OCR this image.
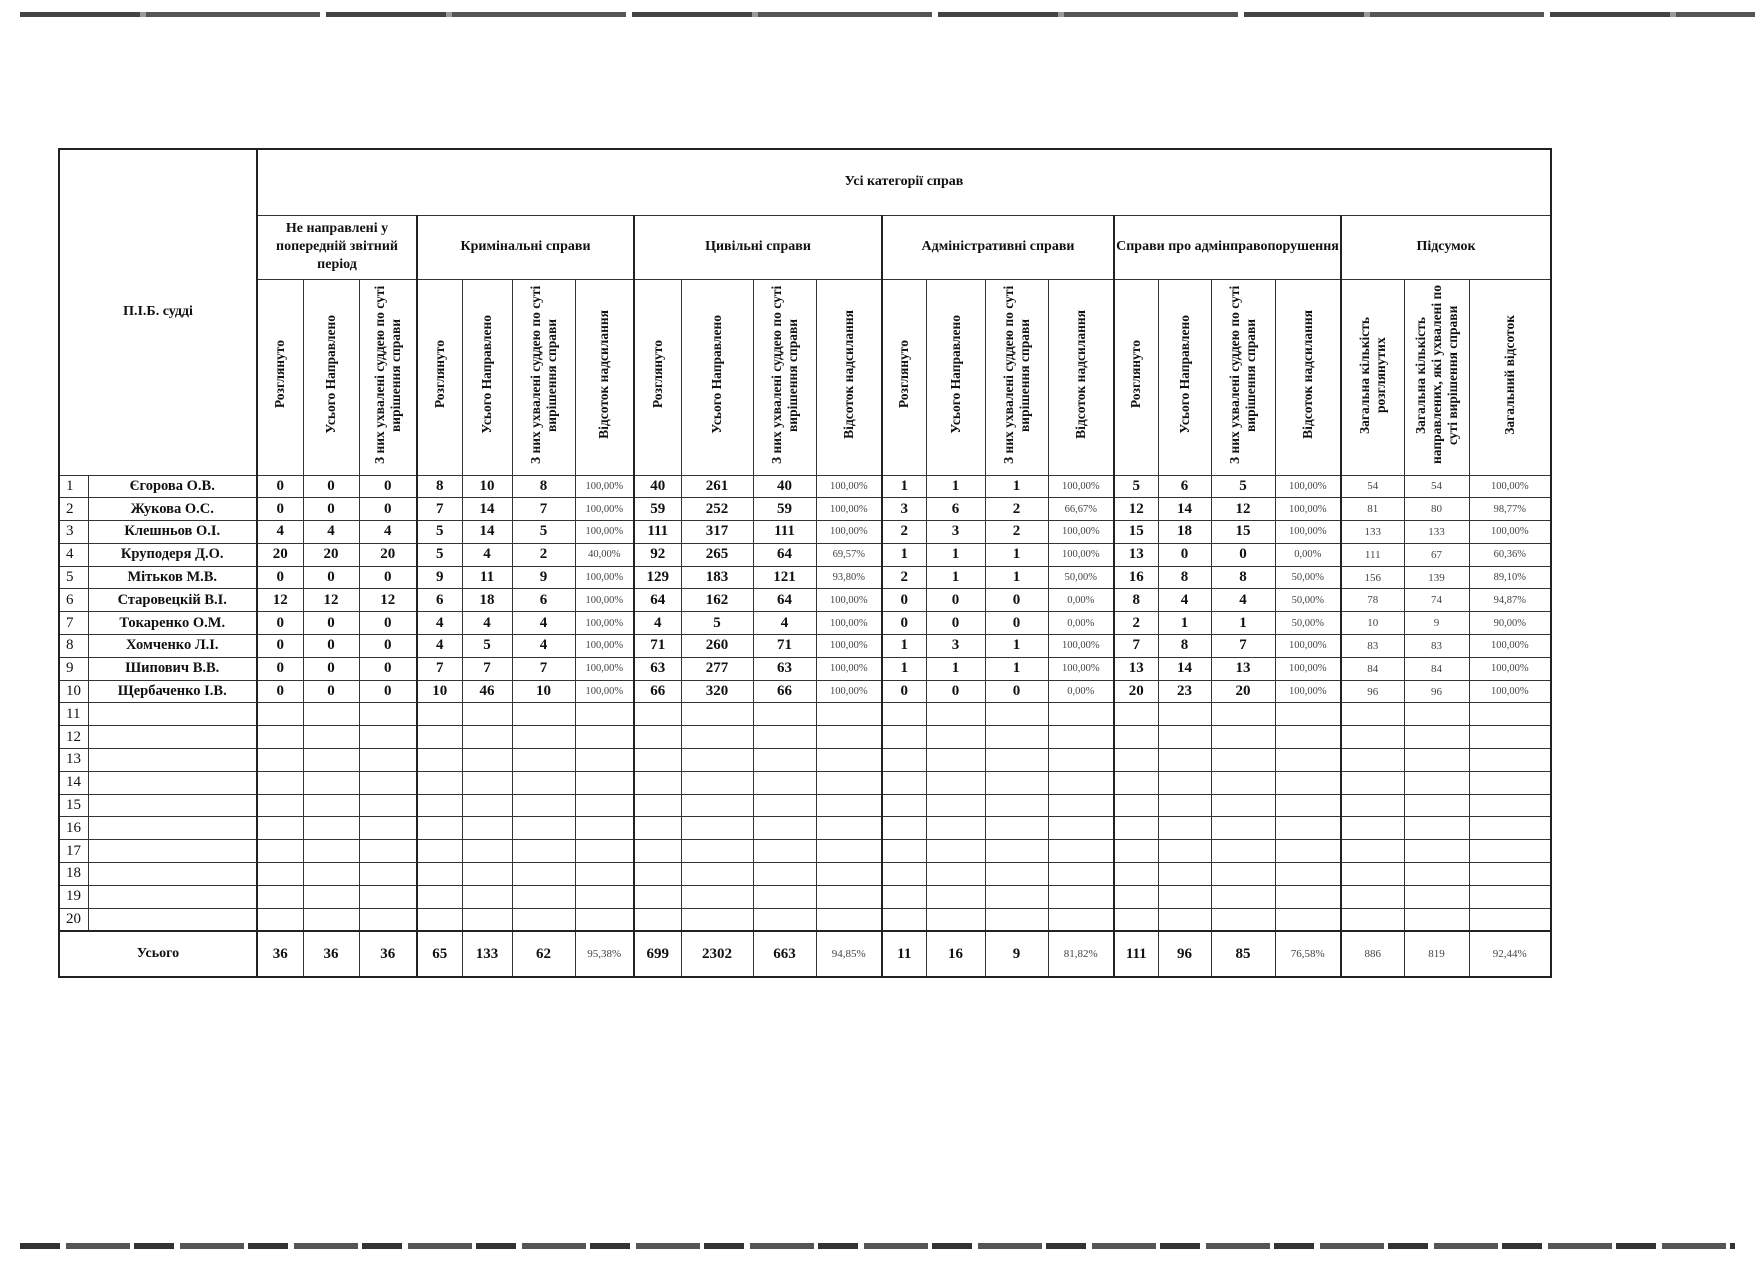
П.І.Б. судді		Усі категорії справ																					
		Не направлені у попередній звітний період			Кримінальні справи				Цивільні справи				Адміністративні справи				Справи про адмінправопорушення				Підсумок		
		Розглянуто	Усього Направлено	З них ухвалені суддею по суті вирішення справи	Розглянуто	Усього Направлено	З них ухвалені суддею по суті вирішення справи	Відсоток надсилання	Розглянуто	Усього Направлено	З них ухвалені суддею по суті вирішення справи	Відсоток надсилання	Розглянуто	Усього Направлено	З них ухвалені суддею по суті вирішення справи	Відсоток надсилання	Розглянуто	Усього Направлено	З них ухвалені суддею по суті вирішення справи	Відсоток надсилання	Загальна кількість розглянутих	Загальна кількість направлених, які ухвалені по суті вирішення справи	Загальний відсоток
1	Єгорова О.В.	0	0	0	8	10	8	100,00%	40	261	40	100,00%	1	1	1	100,00%	5	6	5	100,00%	54	54	100,00%
2	Жукова О.С.	0	0	0	7	14	7	100,00%	59	252	59	100,00%	3	6	2	66,67%	12	14	12	100,00%	81	80	98,77%
3	Клешньов О.І.	4	4	4	5	14	5	100,00%	111	317	111	100,00%	2	3	2	100,00%	15	18	15	100,00%	133	133	100,00%
4	Круподеря Д.О.	20	20	20	5	4	2	40,00%	92	265	64	69,57%	1	1	1	100,00%	13	0	0	0,00%	111	67	60,36%
5	Мітьков М.В.	0	0	0	9	11	9	100,00%	129	183	121	93,80%	2	1	1	50,00%	16	8	8	50,00%	156	139	89,10%
6	Старовецкій В.І.	12	12	12	6	18	6	100,00%	64	162	64	100,00%	0	0	0	0,00%	8	4	4	50,00%	78	74	94,87%
7	Токаренко О.М.	0	0	0	4	4	4	100,00%	4	5	4	100,00%	0	0	0	0,00%	2	1	1	50,00%	10	9	90,00%
8	Хомченко Л.І.	0	0	0	4	5	4	100,00%	71	260	71	100,00%	1	3	1	100,00%	7	8	7	100,00%	83	83	100,00%
9	Шипович В.В.	0	0	0	7	7	7	100,00%	63	277	63	100,00%	1	1	1	100,00%	13	14	13	100,00%	84	84	100,00%
10	Щербаченко І.В.	0	0	0	10	46	10	100,00%	66	320	66	100,00%	0	0	0	0,00%	20	23	20	100,00%	96	96	100,00%
11																							
12																							
13																							
14																							
15																							
16																							
17																							
18																							
19																							
20																							
Усього		36	36	36	65	133	62	95,38%	699	2302	663	94,85%	11	16	9	81,82%	111	96	85	76,58%	886	819	92,44%
